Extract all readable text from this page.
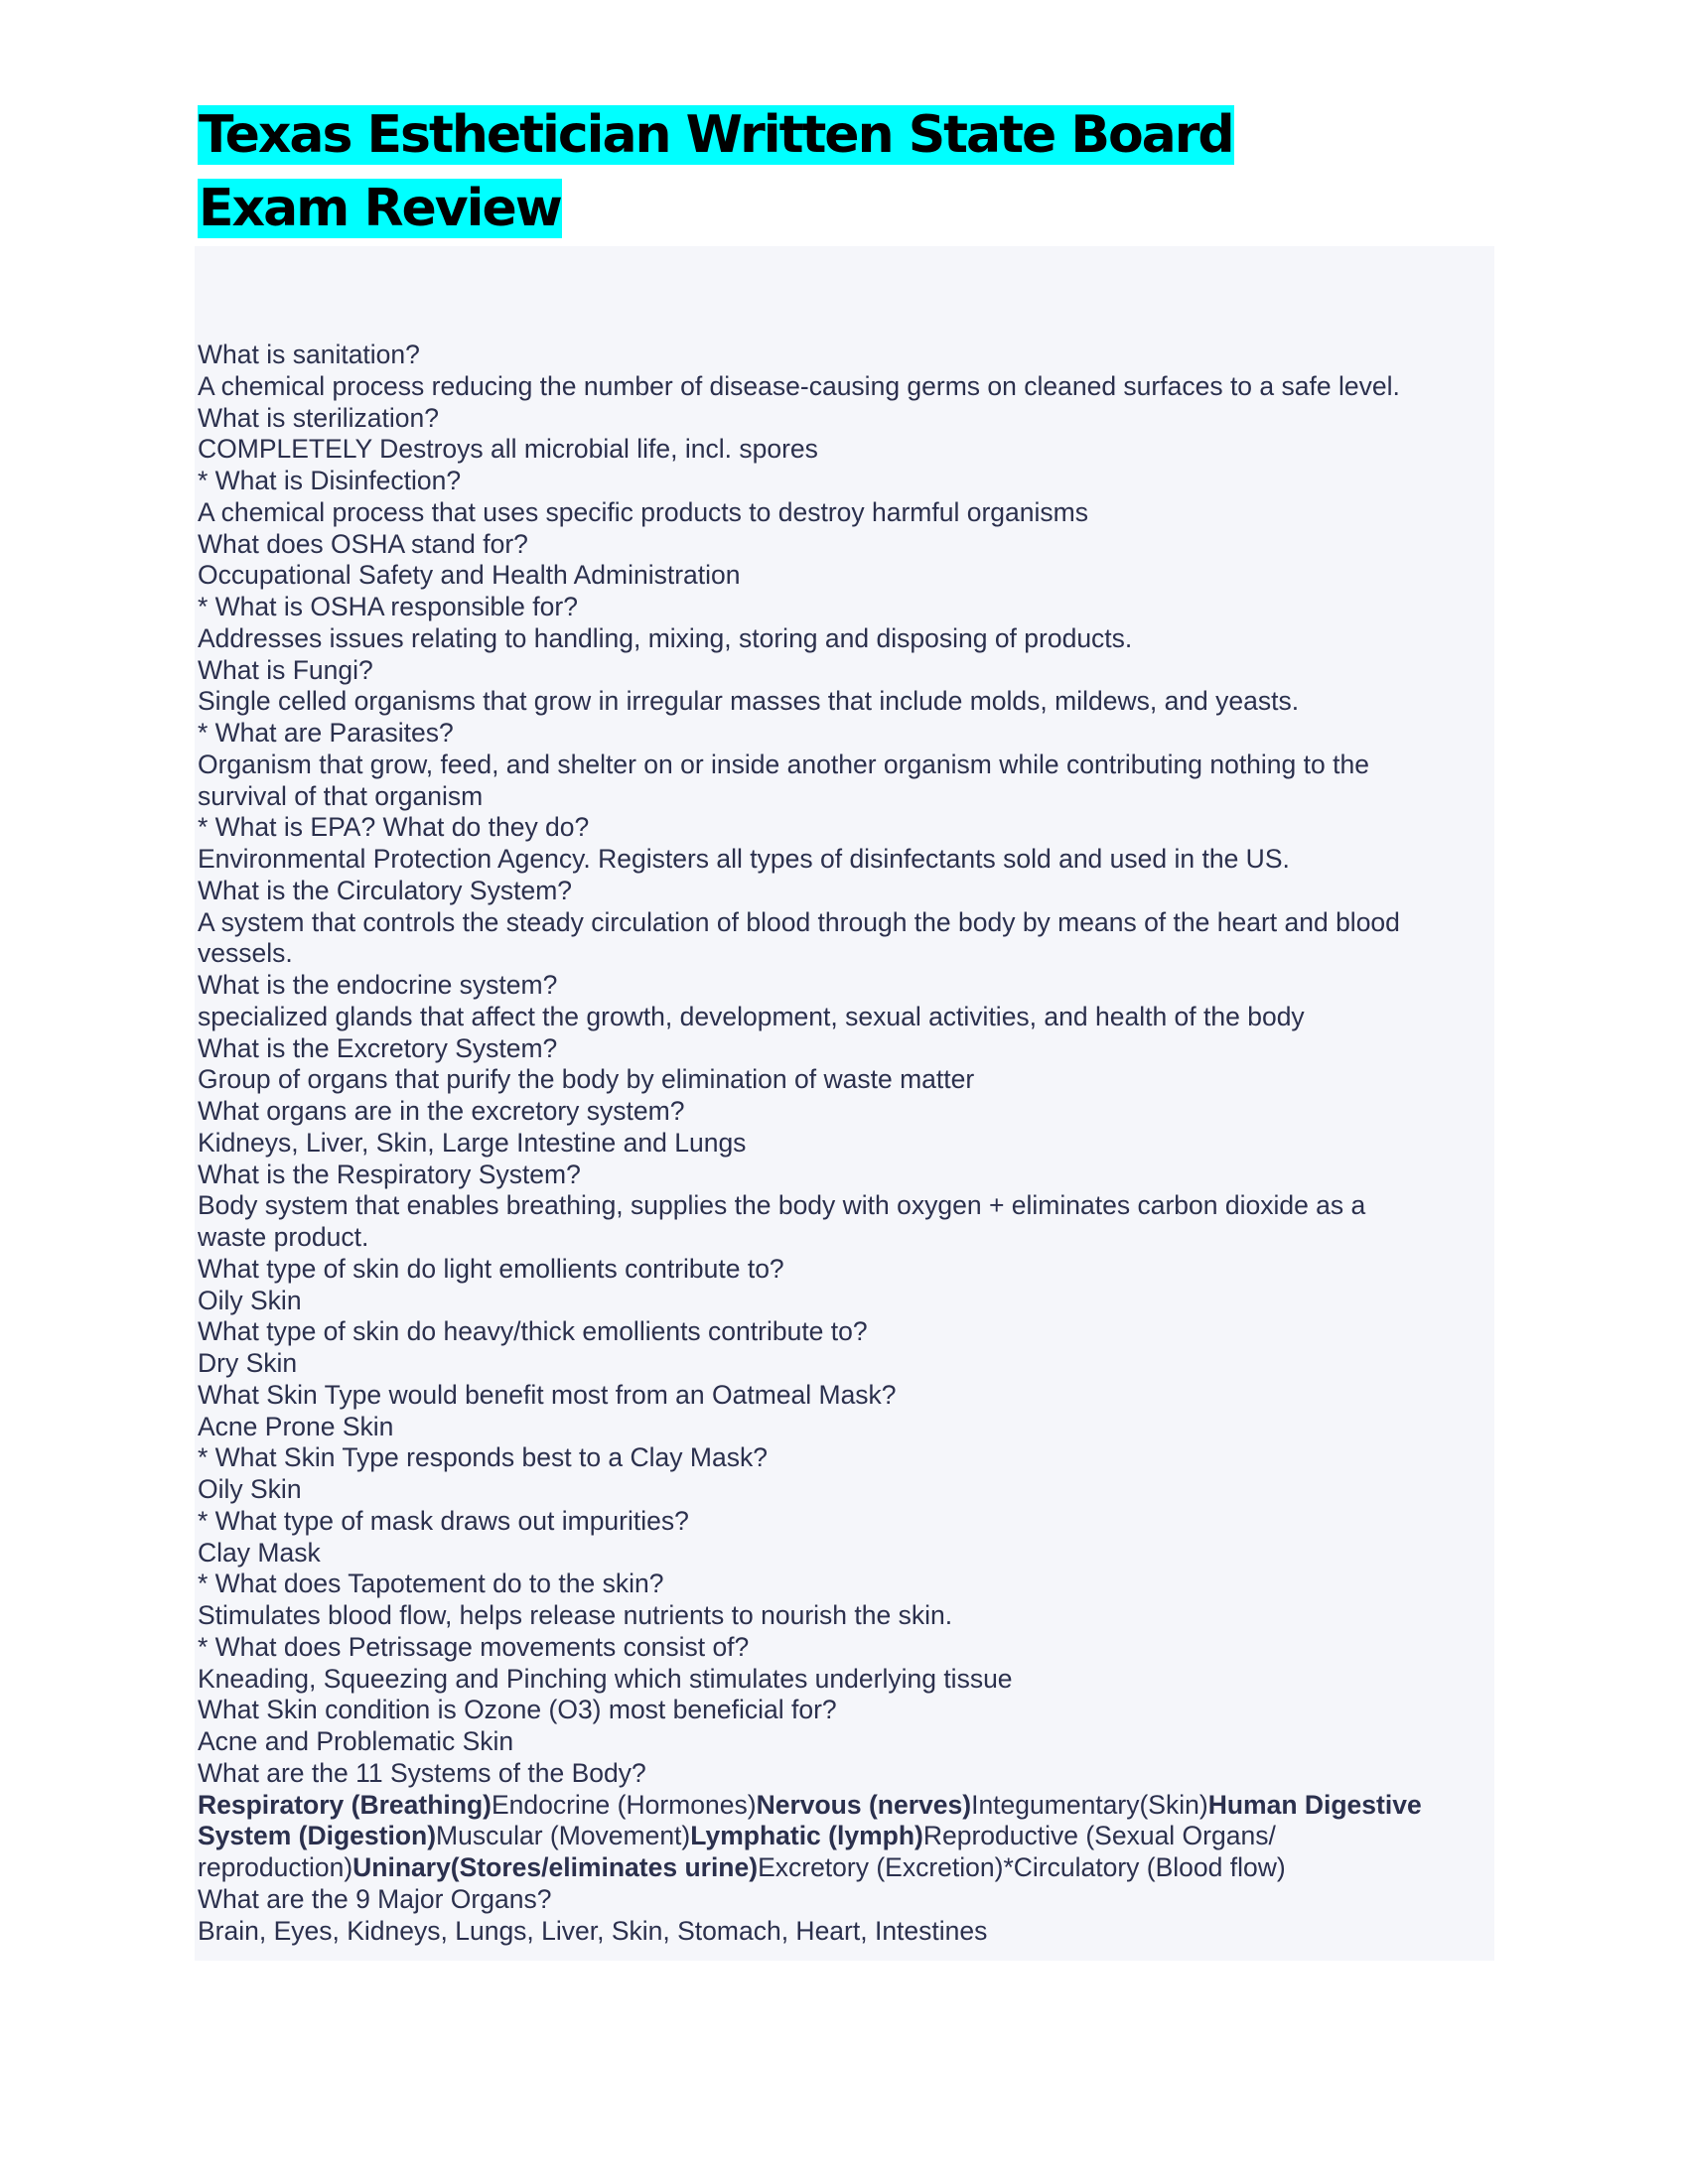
Texas Esthetician Written State Board Exam Review
What is sanitation?
A chemical process reducing the number of disease-causing germs on cleaned surfaces to a safe level.
What is sterilization?
COMPLETELY Destroys all microbial life, incl. spores
* What is Disinfection?
A chemical process that uses specific products to destroy harmful organisms
What does OSHA stand for?
Occupational Safety and Health Administration
* What is OSHA responsible for?
Addresses issues relating to handling, mixing, storing and disposing of products.
What is Fungi?
Single celled organisms that grow in irregular masses that include molds, mildews, and yeasts.
* What are Parasites?
Organism that grow, feed, and shelter on or inside another organism while contributing nothing to the
survival of that organism
* What is EPA? What do they do?
Environmental Protection Agency. Registers all types of disinfectants sold and used in the US.
What is the Circulatory System?
A system that controls the steady circulation of blood through the body by means of the heart and blood
vessels.
What is the endocrine system?
specialized glands that affect the growth, development, sexual activities, and health of the body
What is the Excretory System?
Group of organs that purify the body by elimination of waste matter
What organs are in the excretory system?
Kidneys, Liver, Skin, Large Intestine and Lungs
What is the Respiratory System?
Body system that enables breathing, supplies the body with oxygen + eliminates carbon dioxide as a
waste product.
What type of skin do light emollients contribute to?
Oily Skin
What type of skin do heavy/thick emollients contribute to?
Dry Skin
What Skin Type would benefit most from an Oatmeal Mask?
Acne Prone Skin
* What Skin Type responds best to a Clay Mask?
Oily Skin
* What type of mask draws out impurities?
Clay Mask
* What does Tapotement do to the skin?
Stimulates blood flow, helps release nutrients to nourish the skin.
* What does Petrissage movements consist of?
Kneading, Squeezing and Pinching which stimulates underlying tissue
What Skin condition is Ozone (O3) most beneficial for?
Acne and Problematic Skin
What are the 11 Systems of the Body?
Respiratory (Breathing)Endocrine (Hormones)Nervous (nerves)Integumentary(Skin)Human Digestive
System (Digestion)Muscular (Movement)Lymphatic (lymph)Reproductive (Sexual Organs/
reproduction)Uninary(Stores/eliminates urine)Excretory (Excretion)*Circulatory (Blood flow)
What are the 9 Major Organs?
Brain, Eyes, Kidneys, Lungs, Liver, Skin, Stomach, Heart, Intestines
